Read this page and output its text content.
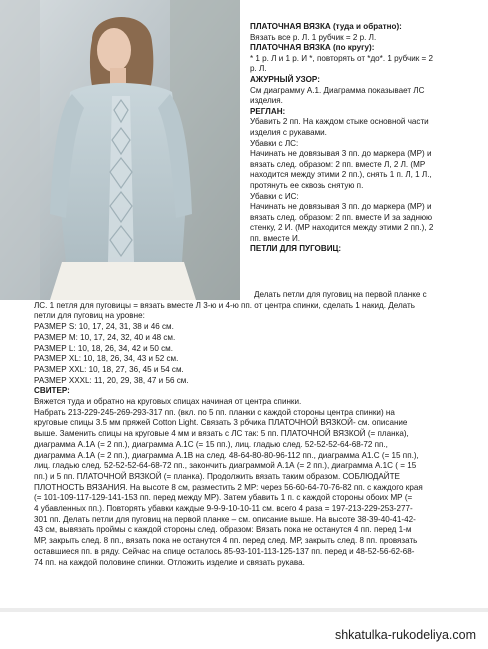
ПЛАТОЧНАЯ ВЯЗКА (туда и обратно):

Вязать все р. Л. 1 рубчик = 2 р. Л.

ПЛАТОЧНАЯ ВЯЗКА (по кругу):

* 1 р. Л и 1 р. И *, повторять от *до*. 1 рубчик = 2

р. Л.

АЖУРНЫЙ УЗОР:

См диаграмму А.1. Диаграмма показывает ЛС

изделия.

РЕГЛАН:

Убавить 2 пп. На каждом стыке основной части

изделия с рукавами.

Убавки с ЛС:

Начинать не довязывая 3 пп. до маркера (МР) и

вязать след. образом: 2 пп. вместе Л, 2 Л. (МР

находится между этими 2 пп.), снять 1 п. Л, 1 Л.,

протянуть ее сквозь снятую п.

Убавки с ИС:

Начинать не довязывая 3 пп. до маркера (МР) и

вязать след. образом: 2 пп. вместе И за заднюю

стенку, 2 И. (МР находится между этими 2 пп.), 2

пп. вместе И.

ПЕТЛИ ДЛЯ ПУГОВИЦ:

Делать петли для пуговиц на первой планке с

ЛС. 1 петля для пуговицы = вязать вместе Л 3-ю и 4-ю пп. от центра спинки, сделать 1 накид. Делать

петли для пуговиц на уровне:

РАЗМЕР S: 10, 17, 24, 31, 38 и 46 см.

РАЗМЕР M: 10, 17, 24, 32, 40 и 48 см.

РАЗМЕР L: 10, 18, 26, 34, 42 и 50 см.

РАЗМЕР XL: 10, 18, 26, 34, 43 и 52 см.

РАЗМЕР XXL: 10, 18, 27, 36, 45 и 54 см.

РАЗМЕР XXXL: 11, 20, 29, 38, 47 и 56 см.

СВИТЕР:

Вяжется туда и обратно на круговых спицах начиная от центра спинки.

Набрать 213-229-245-269-293-317 пп. (вкл. по 5 пп. планки с каждой стороны центра спинки) на

круговые спицы 3.5 мм пряжей Cotton Light. Связать 3 рбчика ПЛАТОЧНОЙ ВЯЗКОЙ- см. описание

выше. Заменить спицы на круговые 4 мм и вязать с ЛС так: 5 пп. ПЛАТОЧНОЙ ВЯЗКОЙ (= планка),

диаграмма А.1А (= 2 пп.), диаграмма А.1С (= 15 пп.), лиц. гладью след. 52-52-52-64-68-72 пп.,

диаграмма А.1А (= 2 пп.), диаграмма А.1В на след. 48-64-80-80-96-112 пп., диаграмма А1.С (= 15 пп.),

лиц. гладью след. 52-52-52-64-68-72 пп., закончить диаграммой А.1А (= 2 пп.), диаграмма А.1С ( = 15

пп.) и 5 пп. ПЛАТОЧНОЙ ВЯЗКОЙ (= планка). Продолжить вязать таким образом. СОБЛЮДАЙТЕ

ПЛОТНОСТЬ ВЯЗАНИЯ. На высоте 8 см, разместить 2 МР: через 56-60-64-70-76-82 пп. с каждого края

(= 101-109-117-129-141-153 пп. перед между МР). Затем убавить 1 п. с каждой стороны обоих МР (=

4 убавленных пп.). Повторять убавки каждые 9-9-9-10-10-11 см. всего 4 раза = 197-213-229-253-277-

301 пп. Делать петли для пуговиц на первой планке – см. описание выше. На высоте 38-39-40-41-42-

43 см, вывязать проймы с каждой стороны след. образом: Вязать пока не останутся 4 пп. перед 1-м

МР, закрыть след. 8 пп., вязать пока не останутся 4 пп. перед след. МР, закрыть след. 8 пп. провязать

оставшиеся пп. в ряду. Сейчас на спице осталось 85-93-101-113-125-137 пп. перед и 48-52-56-62-68-

74 пп. на каждой половине спинки. Отложить изделие и связать рукава.

shkatulka-rukodeliya.com
